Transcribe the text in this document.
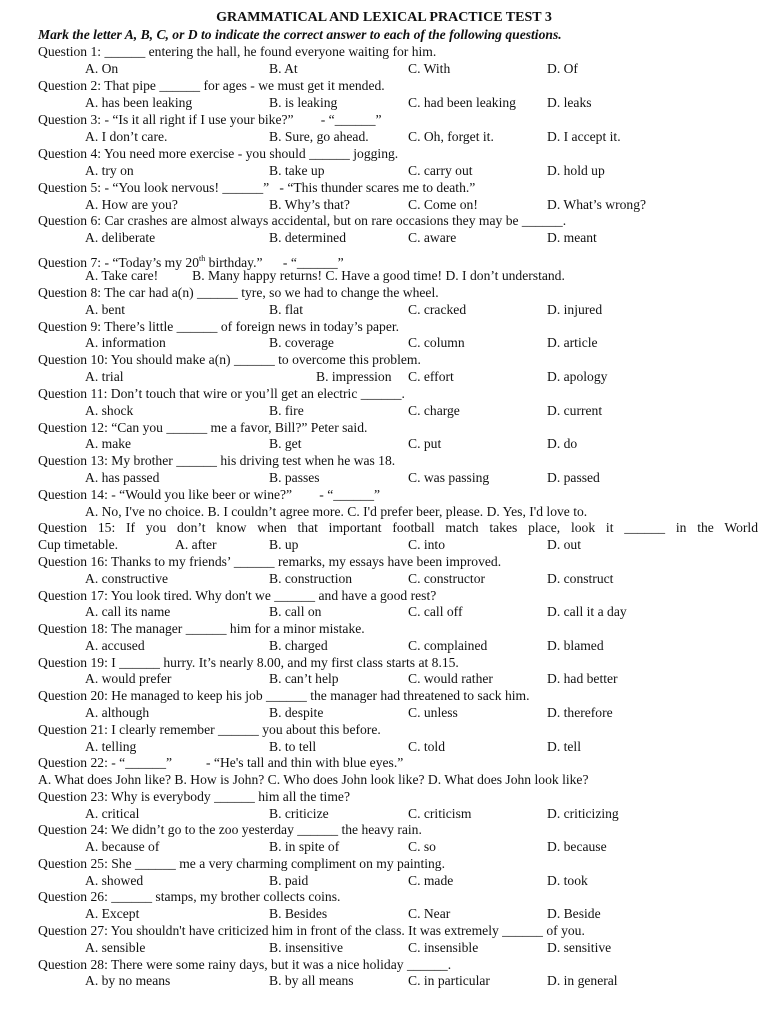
GRAMMATICAL AND LEXICAL PRACTICE TEST 3
Mark the letter A, B, C, or D to indicate the correct answer to each of the following questions.
Question 1: ______ entering the hall, he found everyone waiting for him.
A. On	B. At	C. With	D. Of
Question 2: That pipe ______ for ages - we must get it mended.
A. has been leaking	B. is leaking	C. had been leaking D. leaks
Question 3: - “Is it all right if I use your bike?”        - “______”
A. I don’t care.	B. Sure, go ahead.	C. Oh, forget it.	D. I accept it.
Question 4: You need more exercise - you should ______ jogging.
A. try on	B. take up	C. carry out	D. hold up
Question 5: - “You look nervous! ______”   - “This thunder scares me to death.”
A. How are you?	B. Why’s that?	C. Come on!	D. What’s wrong?
Question 6: Car crashes are almost always accidental, but on rare occasions they may be ______.
A. deliberate	B. determined	C. aware	D. meant
Question 7: - “Today’s my 20th birthday.”      - “______”
A. Take care!          B. Many happy returns! C. Have a good time! D. I don’t understand.
Question 8: The car had a(n) ______ tyre, so we had to change the wheel.
A. bent	B. flat	C. cracked	D. injured
Question 9: There’s little ______ of foreign news in today’s paper.
A. information	B. coverage	C. column	D. article
Question 10: You should make a(n) ______ to overcome this problem.
A. trial	B. impression C. effort	D. apology
Question 11: Don’t touch that wire or you’ll get an electric ______.
A. shock	B. fire	C. charge	D. current
Question 12: “Can you ______ me a favor, Bill?” Peter said.
A. make	B. get	C. put	D. do
Question 13: My brother ______ his driving test when he was 18.
A. has passed	B. passes	C. was passing	D. passed
Question 14: - “Would you like beer or wine?”        - “______”
A. No, I've no choice. B. I couldn’t agree more. C. I'd prefer beer, please. D. Yes, I'd love to.
Question 15: If you don’t know when that important football match takes place, look it ______ in the World
Cup timetable.	A. after	B. up	C. into	D. out
Question 16: Thanks to my friends’ ______ remarks, my essays have been improved.
A. constructive	B. construction	C. constructor	D. construct
Question 17: You look tired. Why don't we ______ and have a good rest?
A. call its name	B. call on	C. call off	D. call it a day
Question 18: The manager ______ him for a minor mistake.
A. accused	B. charged	C. complained	D. blamed
Question 19: I ______ hurry. It’s nearly 8.00, and my first class starts at 8.15.
A. would prefer	B. can’t help	C. would rather	D. had better
Question 20: He managed to keep his job ______ the manager had threatened to sack him.
A. although	B. despite	C. unless	D. therefore
Question 21: I clearly remember ______ you about this before.
A. telling	B. to tell	C. told	D. tell
Question 22: - “______”          - “He's tall and thin with blue eyes.”
A. What does John like? B. How is John? C. Who does John look like? D. What does John look like?
Question 23: Why is everybody ______ him all the time?
A. critical	B. criticize	C. criticism	D. criticizing
Question 24: We didn’t go to the zoo yesterday ______ the heavy rain.
A. because of	B. in spite of	C. so	D. because
Question 25: She ______ me a very charming compliment on my painting.
A. showed	B. paid	C. made	D. took
Question 26: ______ stamps, my brother collects coins.
A. Except	B. Besides	C. Near	D. Beside
Question 27: You shouldn't have criticized him in front of the class. It was extremely ______ of you.
A. sensible	B. insensitive	C. insensible	D. sensitive
Question 28: There were some rainy days, but it was a nice holiday ______.
A. by no means	B. by all means	C. in particular	D. in general
